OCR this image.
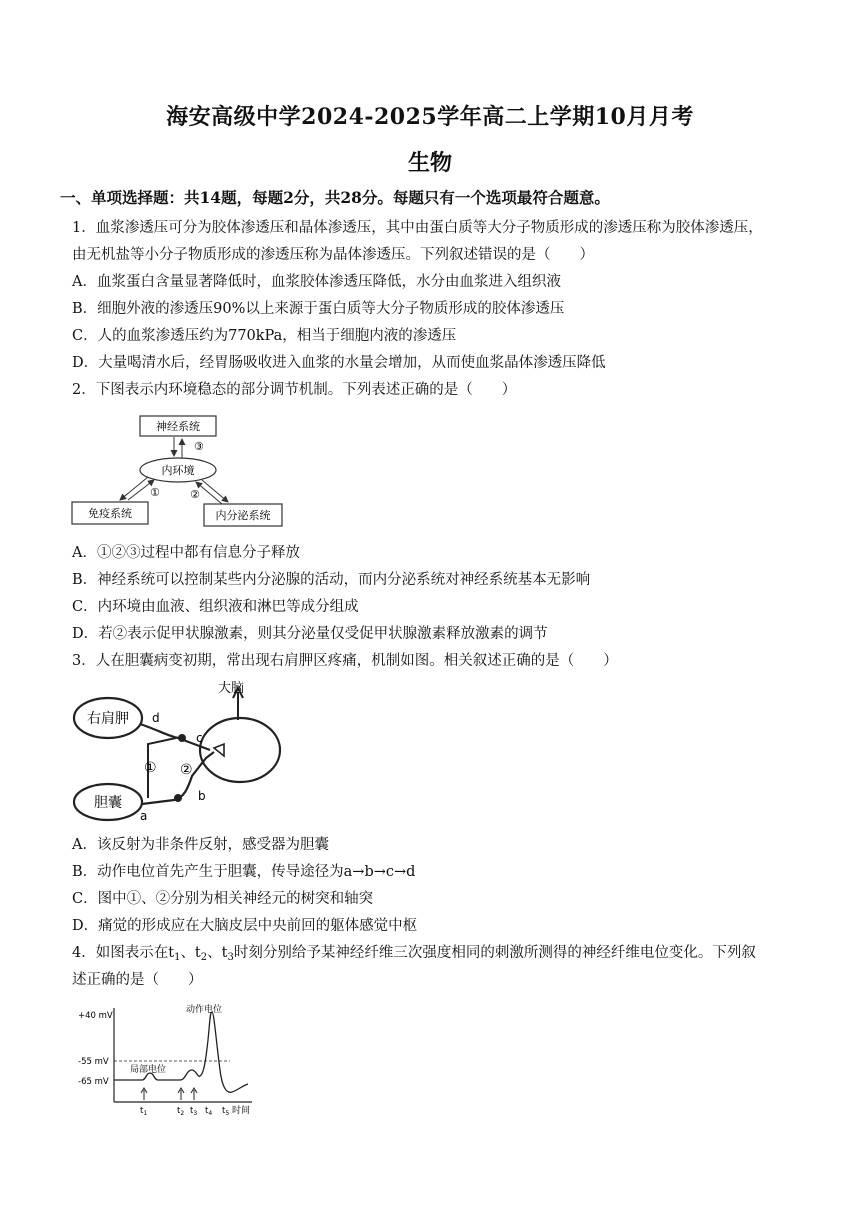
海安高级中学2024-2025学年高二上学期10月月考
生物
一、单项选择题：共14题，每题2分，共28分。每题只有一个选项最符合题意。
1．血浆渗透压可分为胶体渗透压和晶体渗透压，其中由蛋白质等大分子物质形成的渗透压称为胶体渗透压，
由无机盐等小分子物质形成的渗透压称为晶体渗透压。下列叙述错误的是（　　）
A．血浆蛋白含量显著降低时，血浆胶体渗透压降低，水分由血浆进入组织液
B．细胞外液的渗透压90%以上来源于蛋白质等大分子物质形成的胶体渗透压
C．人的血浆渗透压约为770kPa，相当于细胞内液的渗透压
D．大量喝清水后，经胃肠吸收进入血浆的水量会增加，从而使血浆晶体渗透压降低
2．下图表示内环境稳态的部分调节机制。下列表述正确的是（　　）
神经系统
③
内环境
免疫系统	内分泌系统
①	②
A．①②③过程中都有信息分子释放
B．神经系统可以控制某些内分泌腺的活动，而内分泌系统对神经系统基本无影响
C．内环境由血液、组织液和淋巴等成分组成
D．若②表示促甲状腺激素，则其分泌量仅受促甲状腺激素释放激素的调节
3．人在胆囊病变初期，常出现右肩胛区疼痛，机制如图。相关叙述正确的是（　　）
右肩胛
胆囊
大脑
d
c
① ②
b
a
A．该反射为非条件反射，感受器为胆囊
B．动作电位首先产生于胆囊，传导途径为a→b→c→d
C．图中①、②分别为相关神经元的树突和轴突
D．痛觉的形成应在大脑皮层中央前回的躯体感觉中枢
4．如图表示在$t_1$、$t_2$、$t_3$时刻分别给予某神经纤维三次强度相同的刺激所测得的神经纤维电位变化。下列叙
述正确的是（　　）
+40 mV
-55 mV
-65 mV
动作电位
局部电位
$t_1$	$t_2$ $t_3$ $t_4$ $t_5$ 时间
